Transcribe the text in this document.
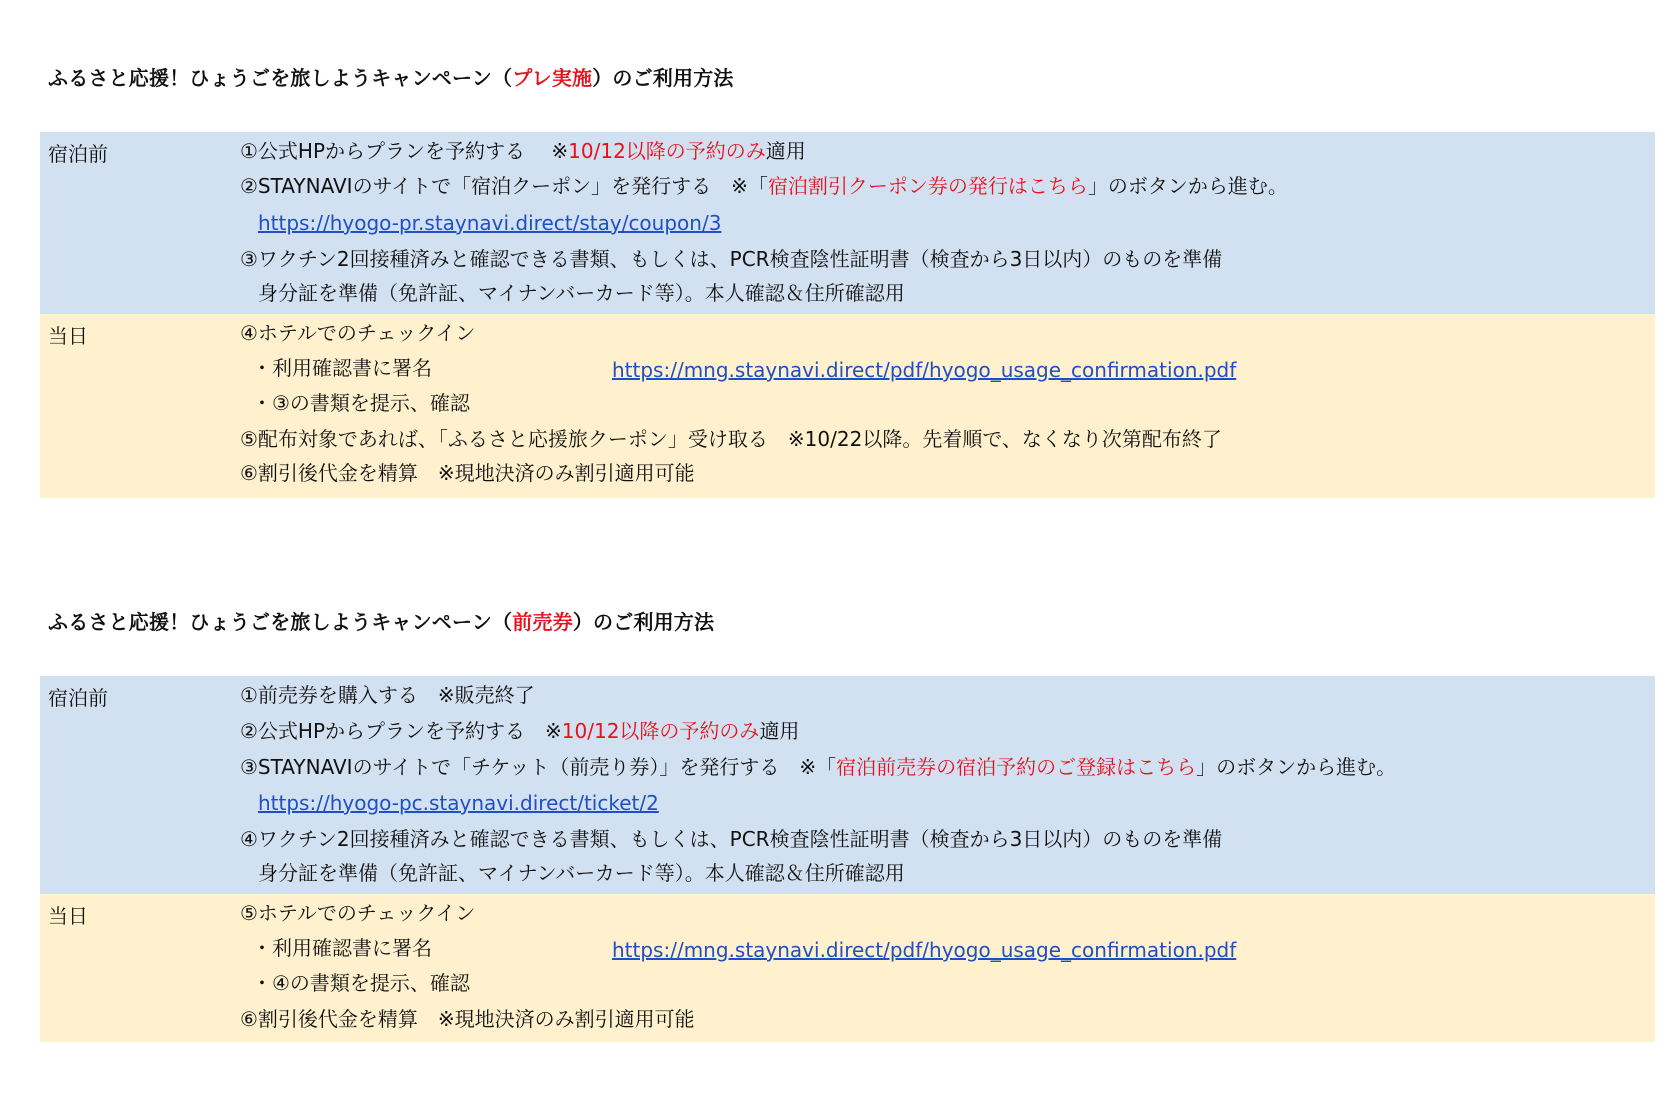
ふるさと応援！ひょうごを旅しようキャンペーン（プレ実施）のご利用方法
宿泊前	①公式HPからプランを予約する　 ※10/12以降の予約のみ適用
②STAYNAVIのサイトで「宿泊クーポン」を発行する　※「宿泊割引クーポン券の発行はこちら」のボタンから進む。
https://hyogo-pr.staynavi.direct/stay/coupon/3
③ワクチン2回接種済みと確認できる書類、もしくは、PCR検査陰性証明書（検査から3日以内）のものを準備
身分証を準備（免許証、マイナンバーカード等）。本人確認＆住所確認用
当日	④ホテルでのチェックイン
・利用確認書に署名	https://mng.staynavi.direct/pdf/hyogo_usage_confirmation.pdf
・③の書類を提示、確認
⑤配布対象であれば、「ふるさと応援旅クーポン」受け取る　※10/22以降。先着順で、なくなり次第配布終了
⑥割引後代金を精算　※現地決済のみ割引適用可能
ふるさと応援！ひょうごを旅しようキャンペーン（前売券）のご利用方法
宿泊前	①前売券を購入する　※販売終了
②公式HPからプランを予約する　※10/12以降の予約のみ適用
③STAYNAVIのサイトで「チケット（前売り券）」を発行する　※「宿泊前売券の宿泊予約のご登録はこちら」のボタンから進む。
https://hyogo-pc.staynavi.direct/ticket/2
④ワクチン2回接種済みと確認できる書類、もしくは、PCR検査陰性証明書（検査から3日以内）のものを準備
身分証を準備（免許証、マイナンバーカード等）。本人確認＆住所確認用
当日	⑤ホテルでのチェックイン
・利用確認書に署名	https://mng.staynavi.direct/pdf/hyogo_usage_confirmation.pdf
・④の書類を提示、確認
⑥割引後代金を精算　※現地決済のみ割引適用可能
